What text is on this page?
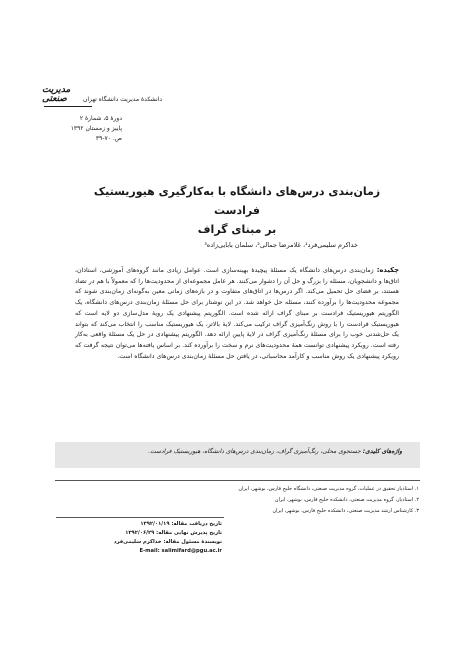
دانشکدهٔ مدیریت دانشگاه تهران
مدیریت صنعتی
دورهٔ ۵، شمارهٔ ۲
پاییز و زمستان ۱۳۹۲
ص. ۷۰-۳۹
زمان‌بندی درس‌های دانشگاه با به‌کارگیری هیوریستیک فرادست
بر مبنای گراف
خداکرم سلیمی‌فرد¹، غلامرضا جمالی²، سلمان بابایی‌زاده³
چکیده: زمان‌بندی درس‌های دانشگاه یک مسئلهٔ پیچیدهٔ بهینه‌سازی است. عوامل زیادی مانند گروه‌های آموزشی، استادان، اتاق‌ها و دانشجویان، مسئله را بزرگ و حل آن را دشوار می‌کنند. هر عامل مجموعه‌ای از محدودیت‌ها را که معمولاً با هم در تضاد هستند، بر فضای حل تحمیل می‌کند. اگر درس‌ها در اتاق‌های متفاوت و در بازه‌های زمانی معین به‌گونه‌ای زمان‌بندی شوند که مجموعه محدودیت‌ها را برآورده کنند، مسئله حل خواهد شد. در این نوشتار برای حل مسئلهٔ زمان‌بندی درس‌های دانشگاه، یک الگوریتم هیوریستیک فرادست بر مبنای گراف ارائه شده است. الگوریتم پیشنهادی یک رویهٔ مدل‌سازی دو لایه است که هیوریستیک فرادست را با روش رنگ‌آمیزی گراف ترکیب می‌کند. لایهٔ بالاتر، یک هیوریستیک مناسب را انتخاب می‌کند که بتواند یک حل‌شدنی خوب را برای مسئلهٔ رنگ‌آمیزی گراف در لایهٔ پایین ارائه دهد. الگوریتم پیشنهادی در حل یک مسئلهٔ واقعی به‌کار رفته است. رویکرد پیشنهادی توانست همهٔ محدودیت‌های نرم و سخت را برآورده کند. بر اساس یافته‌ها می‌توان نتیجه گرفت که رویکرد پیشنهادی یک روش مناسب و کارآمد محاسباتی، در یافتن حل مسئلهٔ زمان‌بندی درس‌های دانشگاه است.
واژه‌های کلیدی: جستجوی محلی، رنگ‌آمیزی گراف، زمان‌بندی درس‌های دانشگاه، هیوریستیک فرادست.
۱. استادیار تحقیق در عملیات، گروه مدیریت صنعتی، دانشگاه خلیج فارس، بوشهر، ایران
۲. استادیار، گروه مدیریت صنعتی، دانشکده خلیج فارس، بوشهر، ایران
۳. کارشناس ارشد مدیریت صنعتی، دانشکده خلیج فارس، بوشهر، ایران
تاریخ دریافت مقاله: ۱۳۹۲/۰۱/۱۹
تاریخ پذیرش نهایی مقاله: ۱۳۹۲/۰۶/۲۹
نویسندهٔ مسئول مقاله: خداکرم سلیمی‌فرد
E-mail: salimifard@pgu.ac.ir
